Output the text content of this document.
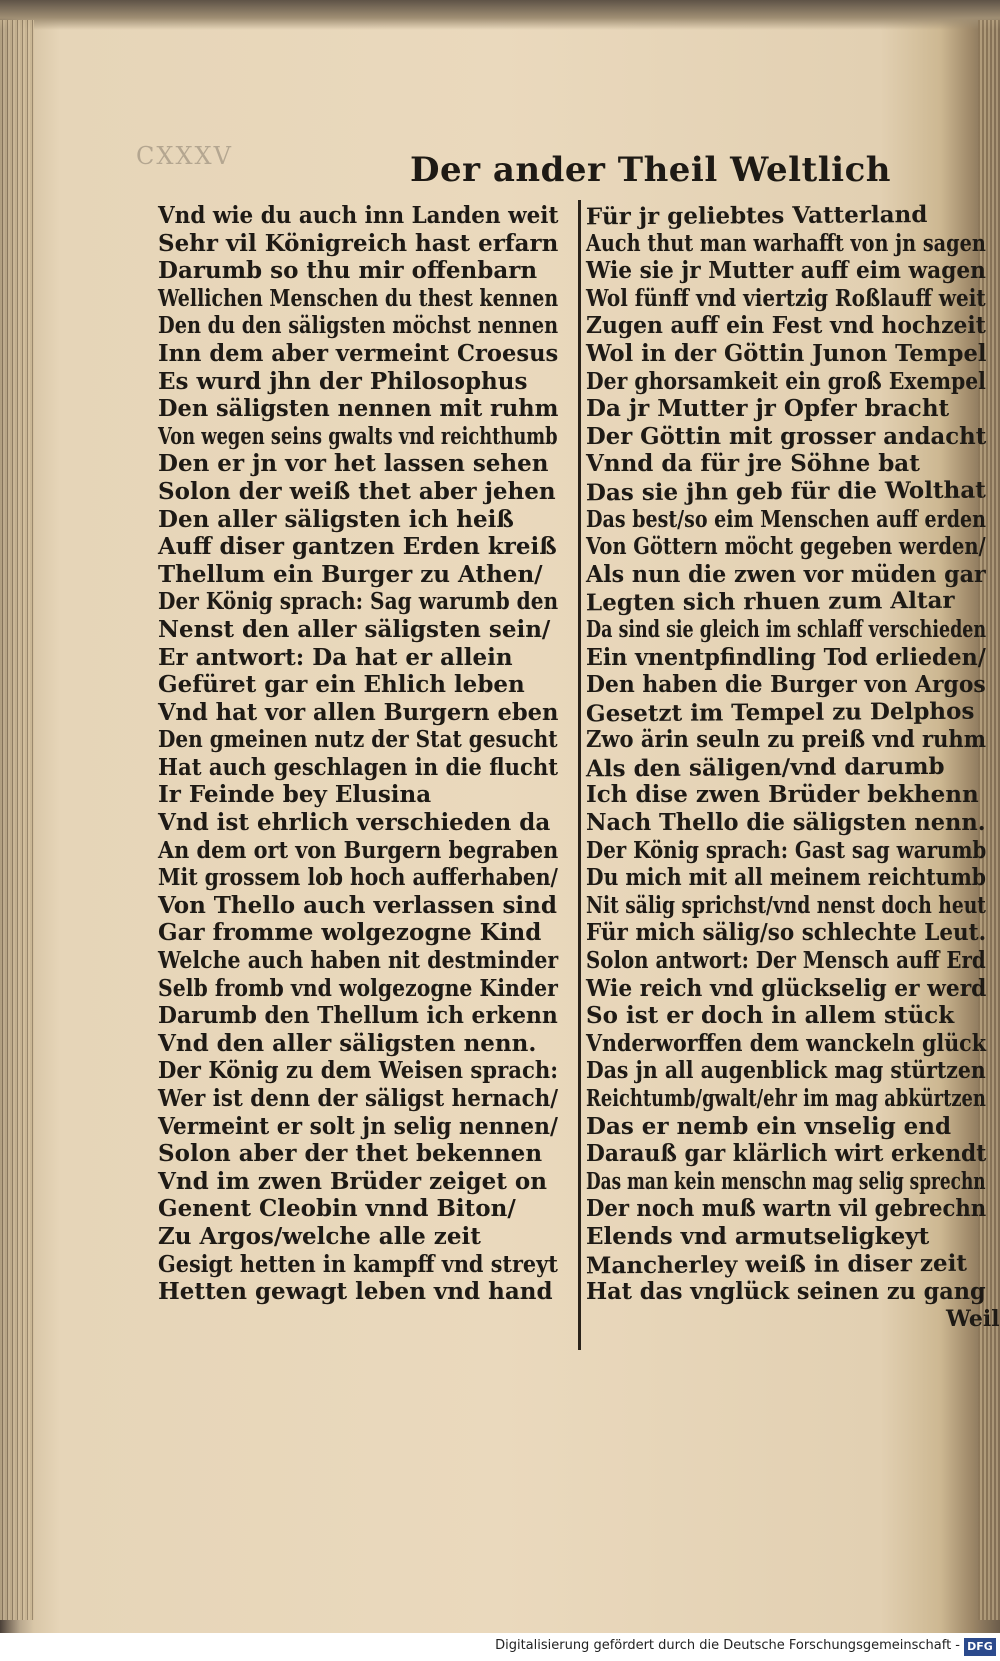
CXXXV	Der ander Theil Weltlich
Vnd wie du auch inn Landen weit
Sehr vil Königreich hast erfarn
Darumb so thu mir offenbarn
Wellichen Menschen du thest kennen
Den du den säligsten möchst nennen
Inn dem aber vermeint Croesus
Es wurd jhn der Philosophus
Den säligsten nennen mit ruhm
Von wegen seins gwalts vnd reichthumb
Den er jn vor het lassen sehen
Solon der weiß thet aber jehen
Den aller säligsten ich heiß
Auff diser gantzen Erden kreiß
Thellum ein Burger zu Athen/
Der König sprach: Sag warumb den
Nenst den aller säligsten sein/
Er antwort: Da hat er allein
Gefüret gar ein Ehlich leben
Vnd hat vor allen Burgern eben
Den gmeinen nutz der Stat gesucht
Hat auch geschlagen in die flucht
Ir Feinde bey Elusina
Vnd ist ehrlich verschieden da
An dem ort von Burgern begraben
Mit grossem lob hoch aufferhaben/
Von Thello auch verlassen sind
Gar fromme wolgezogne Kind
Welche auch haben nit destminder
Selb fromb vnd wolgezogne Kinder
Darumb den Thellum ich erkenn
Vnd den aller säligsten nenn.
Der König zu dem Weisen sprach:
Wer ist denn der säligst hernach/
Vermeint er solt jn selig nennen/
Solon aber der thet bekennen
Vnd im zwen Brüder zeiget on
Genent Cleobin vnnd Biton/
Zu Argos/welche alle zeit
Gesigt hetten in kampff vnd streyt
Hetten gewagt leben vnd hand
Für jr geliebtes Vatterland
Auch thut man warhafft von jn sagen
Wie sie jr Mutter auff eim wagen
Wol fünff vnd viertzig Roßlauff weit
Zugen auff ein Fest vnd hochzeit
Wol in der Göttin Junon Tempel
Der ghorsamkeit ein groß Exempel
Da jr Mutter jr Opfer bracht
Der Göttin mit grosser andacht
Vnnd da für jre Söhne bat
Das sie jhn geb für die Wolthat
Das best/so eim Menschen auff erden
Von Göttern möcht gegeben werden/
Als nun die zwen vor müden gar
Legten sich rhuen zum Altar
Da sind sie gleich im schlaff verschieden
Ein vnentpfindling Tod erlieden/
Den haben die Burger von Argos
Gesetzt im Tempel zu Delphos
Zwo ärin seuln zu preiß vnd ruhm
Als den säligen/vnd darumb
Ich dise zwen Brüder bekhenn
Nach Thello die säligsten nenn.
Der König sprach: Gast sag warumb
Du mich mit all meinem reichtumb
Nit sälig sprichst/vnd nenst doch heut
Für mich sälig/so schlechte Leut.
Solon antwort: Der Mensch auff Erd
Wie reich vnd glückselig er werd
So ist er doch in allem stück
Vnderworffen dem wanckeln glück
Das jn all augenblick mag stürtzen
Reichtumb/gwalt/ehr im mag abkürtzen
Das er nemb ein vnselig end
Darauß gar klärlich wirt erkendt
Das man kein menschn mag selig sprechn
Der noch muß wartn vil gebrechn
Elends vnd armutseligkeyt
Mancherley weiß in diser zeit
Hat das vnglück seinen zu gang
Weil
Digitalisierung gefördert durch die Deutsche Forschungsgemeinschaft - DFG
